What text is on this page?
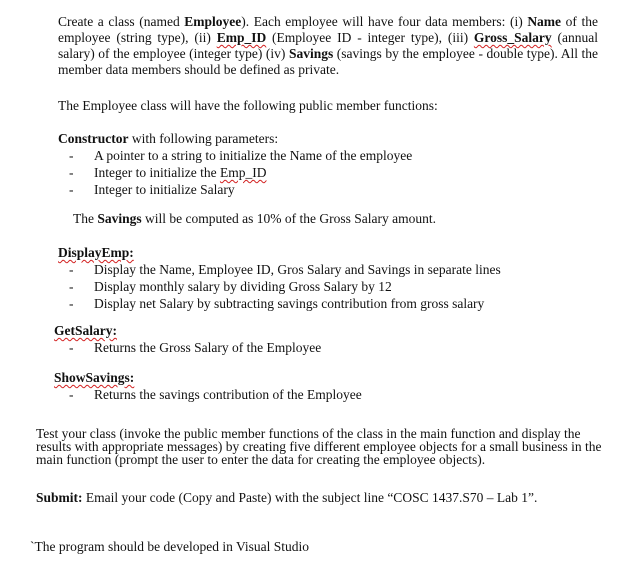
Create a class (named Employee). Each employee will have four data members: (i) Name of the employee (string type), (ii) Emp_ID (Employee ID - integer type), (iii) Gross_Salary (annual salary) of the employee (integer type) (iv) Savings (savings by the employee - double type). All the member data members should be defined as private.
The Employee class will have the following public member functions:
Constructor with following parameters:
- A pointer to a string to initialize the Name of the employee
- Integer to initialize the Emp_ID
- Integer to initialize Salary
The Savings will be computed as 10% of the Gross Salary amount.
DisplayEmp:
- Display the Name, Employee ID, Gros Salary and Savings in separate lines
- Display monthly salary by dividing Gross Salary by 12
- Display net Salary by subtracting savings contribution from gross salary
GetSalary:
- Returns the Gross Salary of the Employee
ShowSavings:
- Returns the savings contribution of the Employee
Test your class (invoke the public member functions of the class in the main function and display the results with appropriate messages) by creating five different employee objects for a small business in the main function (prompt the user to enter the data for creating the employee objects).
Submit: Email your code (Copy and Paste) with the subject line “COSC 1437.S70 – Lab 1”.
`The program should be developed in Visual Studio
